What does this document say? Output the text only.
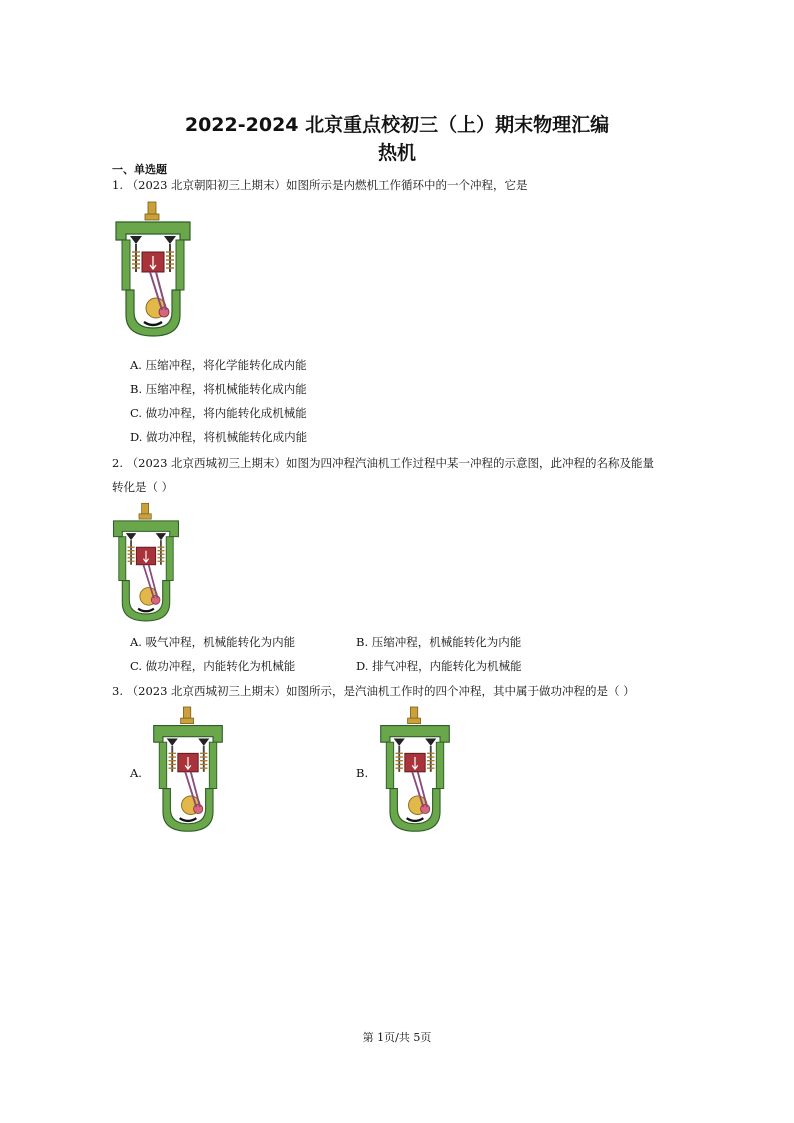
2022-2024 北京重点校初三（上）期末物理汇编
热机
一、单选题
1. （2023 北京朝阳初三上期末）如图所示是内燃机工作循环中的一个冲程，它是
A. 压缩冲程，将化学能转化成内能
B. 压缩冲程，将机械能转化成内能
C. 做功冲程，将内能转化成机械能
D. 做功冲程，将机械能转化成内能
2. （2023 北京西城初三上期末）如图为四冲程汽油机工作过程中某一冲程的示意图，此冲程的名称及能量
转化是（ ）
A. 吸气冲程，机械能转化为内能	B. 压缩冲程，机械能转化为内能
C. 做功冲程，内能转化为机械能	D. 排气冲程，内能转化为机械能
3. （2023 北京西城初三上期末）如图所示，是汽油机工作时的四个冲程，其中属于做功冲程的是（ ）
A.	B.
第 1页/共 5页
